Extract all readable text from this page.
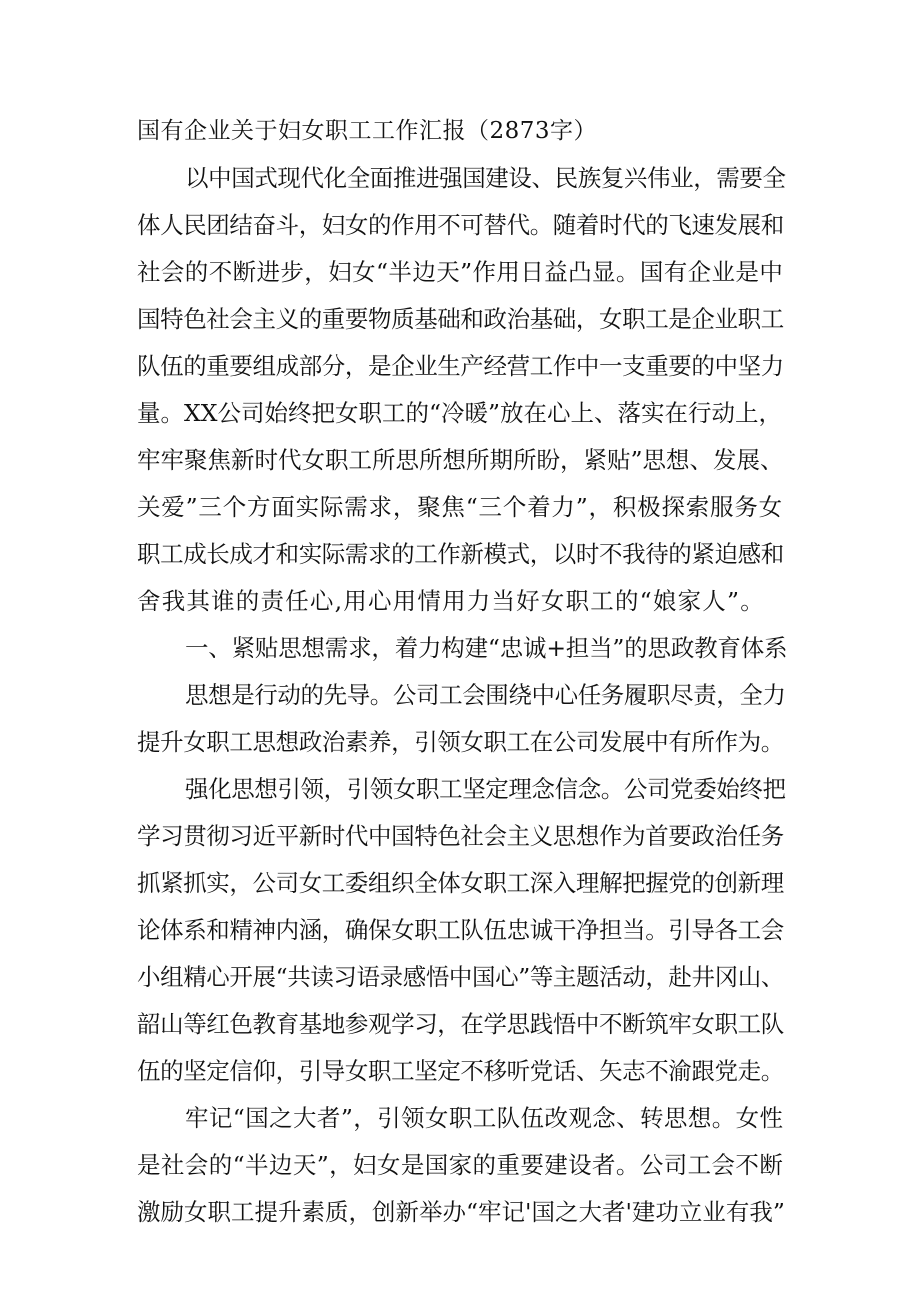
国有企业关于妇女职工工作汇报（2873字）
以中国式现代化全面推进强国建设、民族复兴伟业，需要全
体人民团结奋斗，妇女的作用不可替代。随着时代的飞速发展和
社会的不断进步，妇女“半边天”作用日益凸显。国有企业是中
国特色社会主义的重要物质基础和政治基础，女职工是企业职工
队伍的重要组成部分，是企业生产经营工作中一支重要的中坚力
量。XX公司始终把女职工的“冷暖”放在心上、落实在行动上，
牢牢聚焦新时代女职工所思所想所期所盼，紧贴”思想、发展、
关爱”三个方面实际需求，聚焦“三个着力”，积极探索服务女
职工成长成才和实际需求的工作新模式，以时不我待的紧迫感和
舍我其谁的责任心,用心用情用力当好女职工的“娘家人”。
一、紧贴思想需求，着力构建“忠诚+担当”的思政教育体系
思想是行动的先导。公司工会围绕中心任务履职尽责，全力
提升女职工思想政治素养，引领女职工在公司发展中有所作为。
强化思想引领，引领女职工坚定理念信念。公司党委始终把
学习贯彻习近平新时代中国特色社会主义思想作为首要政治任务
抓紧抓实，公司女工委组织全体女职工深入理解把握党的创新理
论体系和精神内涵，确保女职工队伍忠诚干净担当。引导各工会
小组精心开展“共读习语录感悟中国心”等主题活动，赴井冈山、
韶山等红色教育基地参观学习，在学思践悟中不断筑牢女职工队
伍的坚定信仰，引导女职工坚定不移听党话、矢志不渝跟党走。
牢记“国之大者”，引领女职工队伍改观念、转思想。女性
是社会的“半边天”，妇女是国家的重要建设者。公司工会不断
激励女职工提升素质，创新举办“牢记'国之大者'建功立业有我”
